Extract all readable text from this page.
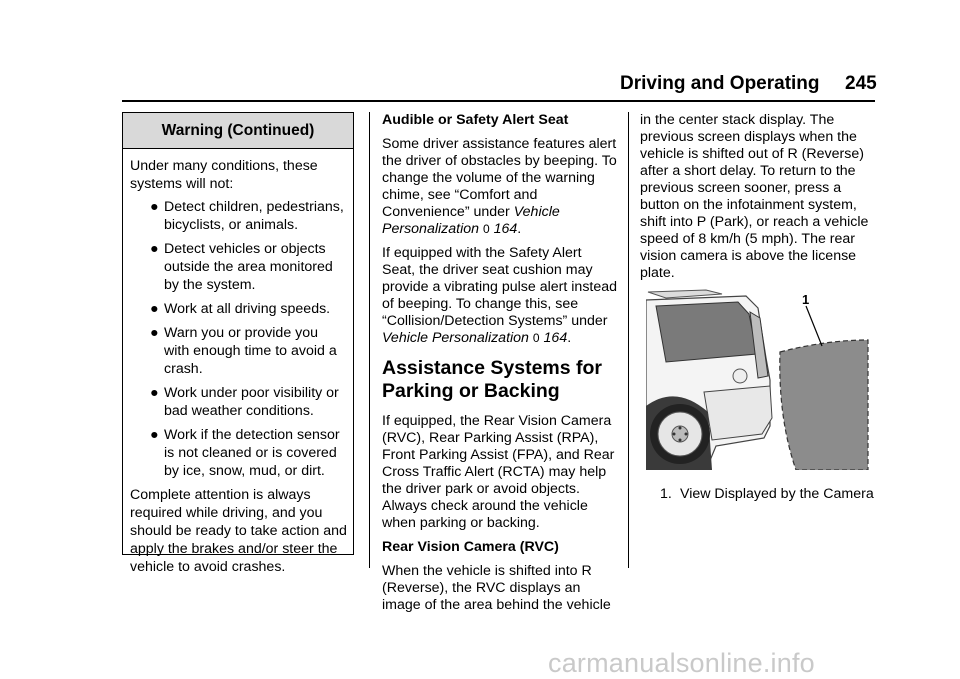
Driving and Operating 245
Warning (Continued)

Under many conditions, these systems will not:

● Detect children, pedestrians, bicyclists, or animals.
● Detect vehicles or objects outside the area monitored by the system.
● Work at all driving speeds.
● Warn you or provide you with enough time to avoid a crash.
● Work under poor visibility or bad weather conditions.
● Work if the detection sensor is not cleaned or is covered by ice, snow, mud, or dirt.

Complete attention is always required while driving, and you should be ready to take action and apply the brakes and/or steer the vehicle to avoid crashes.

Audible or Safety Alert Seat

Some driver assistance features alert the driver of obstacles by beeping. To change the volume of the warning chime, see “Comfort and Convenience” under Vehicle Personalization 0 164.

If equipped with the Safety Alert Seat, the driver seat cushion may provide a vibrating pulse alert instead of beeping. To change this, see “Collision/Detection Systems” under Vehicle Personalization 0 164.

Assistance Systems for Parking or Backing

If equipped, the Rear Vision Camera (RVC), Rear Parking Assist (RPA), Front Parking Assist (FPA), and Rear Cross Traffic Alert (RCTA) may help the driver park or avoid objects. Always check around the vehicle when parking or backing.

Rear Vision Camera (RVC)

When the vehicle is shifted into R (Reverse), the RVC displays an image of the area behind the vehicle

in the center stack display. The previous screen displays when the vehicle is shifted out of R (Reverse) after a short delay. To return to the previous screen sooner, press a button on the infotainment system, shift into P (Park), or reach a vehicle speed of 8 km/h (5 mph). The rear vision camera is above the license plate.

1
1. View Displayed by the Camera
carmanualsonline.info
